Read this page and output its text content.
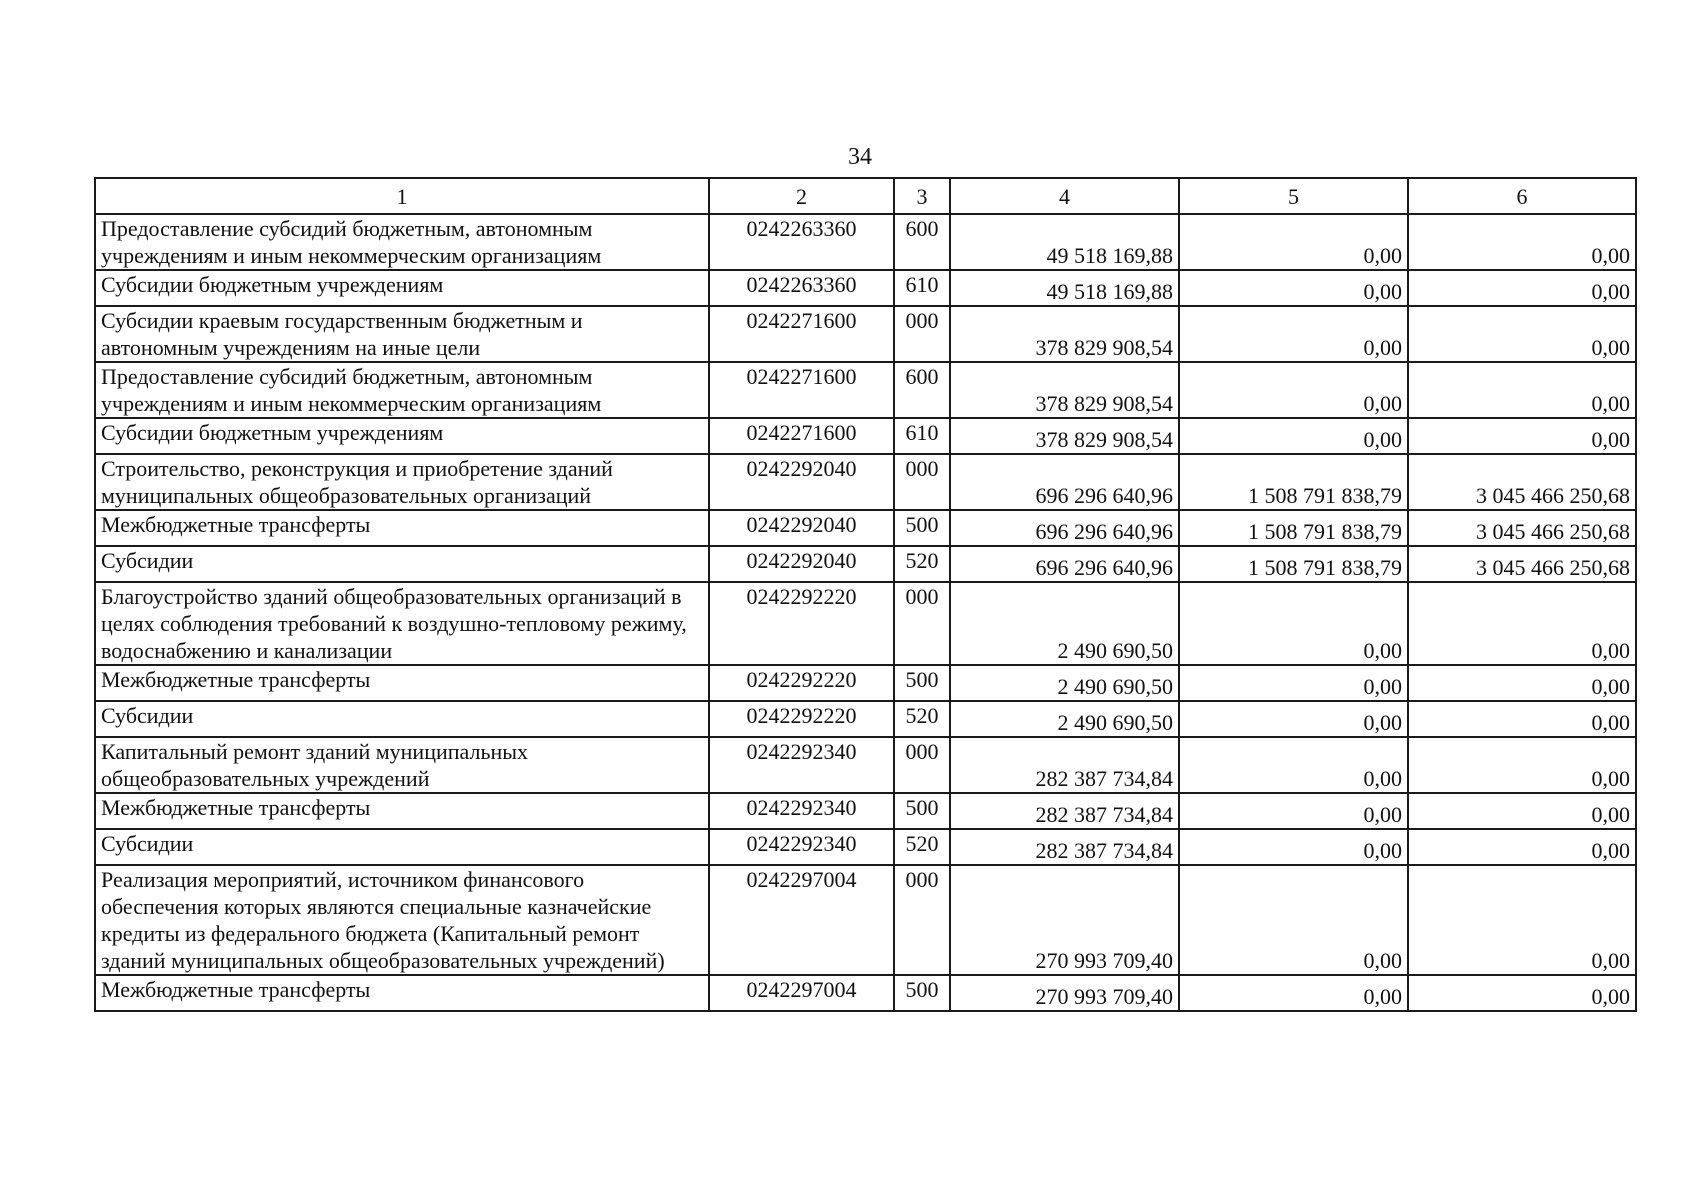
34
1	2	3	4	5	6
Предоставление субсидий бюджетным, автономным учреждениям и иным некоммерческим организациям	0242263360	600	49 518 169,88	0,00	0,00
Субсидии бюджетным учреждениям	0242263360	610	49 518 169,88	0,00	0,00
Субсидии краевым государственным бюджетным и автономным учреждениям на иные цели	0242271600	000	378 829 908,54	0,00	0,00
Предоставление субсидий бюджетным, автономным учреждениям и иным некоммерческим организациям	0242271600	600	378 829 908,54	0,00	0,00
Субсидии бюджетным учреждениям	0242271600	610	378 829 908,54	0,00	0,00
Строительство, реконструкция и приобретение зданий муниципальных общеобразовательных организаций	0242292040	000	696 296 640,96	1 508 791 838,79	3 045 466 250,68
Межбюджетные трансферты	0242292040	500	696 296 640,96	1 508 791 838,79	3 045 466 250,68
Субсидии	0242292040	520	696 296 640,96	1 508 791 838,79	3 045 466 250,68
Благоустройство зданий общеобразовательных организаций в целях соблюдения требований к воздушно-тепловому режиму, водоснабжению и канализации	0242292220	000	2 490 690,50	0,00	0,00
Межбюджетные трансферты	0242292220	500	2 490 690,50	0,00	0,00
Субсидии	0242292220	520	2 490 690,50	0,00	0,00
Капитальный ремонт зданий муниципальных общеобразовательных учреждений	0242292340	000	282 387 734,84	0,00	0,00
Межбюджетные трансферты	0242292340	500	282 387 734,84	0,00	0,00
Субсидии	0242292340	520	282 387 734,84	0,00	0,00
Реализация мероприятий, источником финансового обеспечения которых являются специальные казначейские кредиты из федерального бюджета (Капитальный ремонт зданий муниципальных общеобразовательных учреждений)	0242297004	000	270 993 709,40	0,00	0,00
Межбюджетные трансферты	0242297004	500	270 993 709,40	0,00	0,00
